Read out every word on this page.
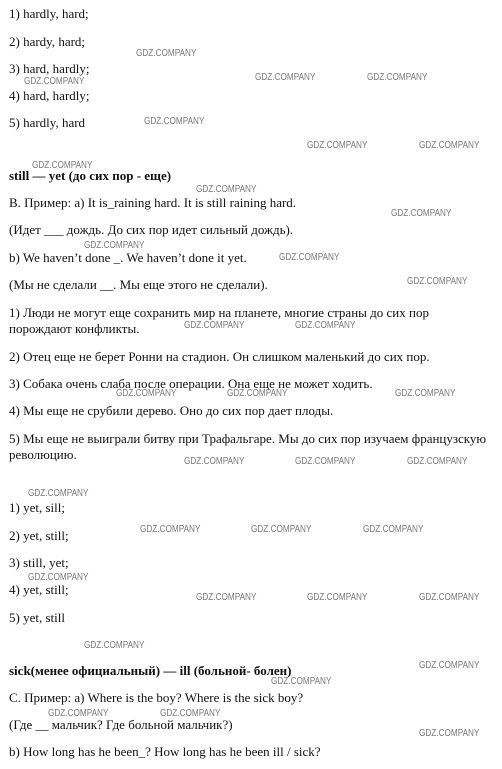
1) hardly, hard;
2) hardy, hard;
3) hard, hardly;
4) hard, hardly;
5) hardly, hard
still — yet (до сих пор - еще)
B. Пример: a) It is_raining hard. It is still raining hard.
(Идет ___ дождь. До сих пор идет сильный дождь).
b) We haven’t done _. We haven’t done it yet.
(Мы не сделали __. Мы еще этого не сделали).
1) Люди не могут еще сохранить мир на планете, многие страны до сих пор порождают конфликты.
2) Отец еще не берет Ронни на стадион. Он слишком маленький до сих пор.
3) Собака очень слаба после операции. Она еще не может ходить.
4) Мы еще не срубили дерево. Оно до сих пор дает плоды.
5) Мы еще не выиграли битву при Трафальгаре. Мы до сих пор изучаем французскую революцию.
1) yet, sill;
2) yet, still;
3) still, yet;
4) yet, still;
5) yet, still
sick(менее официальный) — ill (больной- болен)
C. Пример: a) Where is the boy? Where is the sick boy?
(Где __ мальчик? Где больной мальчик?)
b) How long has he been_? How long has he been ill / sick?
GDZ.COMPANY
GDZ.COMPANY	GDZ.COMPANY
GDZ.COMPANY
GDZ.COMPANY
GDZ.COMPANY	GDZ.COMPANY
GDZ.COMPANY
GDZ.COMPANY
GDZ.COMPANY
GDZ.COMPANY
GDZ.COMPANY
GDZ.COMPANY
GDZ.COMPANY	GDZ.COMPANY
GDZ.COMPANY	GDZ.COMPANY	GDZ.COMPANY
GDZ.COMPANY	GDZ.COMPANY	GDZ.COMPANY
GDZ.COMPANY
GDZ.COMPANY	GDZ.COMPANY	GDZ.COMPANY
GDZ.COMPANY
GDZ.COMPANY	GDZ.COMPANY	GDZ.COMPANY
GDZ.COMPANY
GDZ.COMPANY
GDZ.COMPANY
GDZ.COMPANY	GDZ.COMPANY
GDZ.COMPANY
